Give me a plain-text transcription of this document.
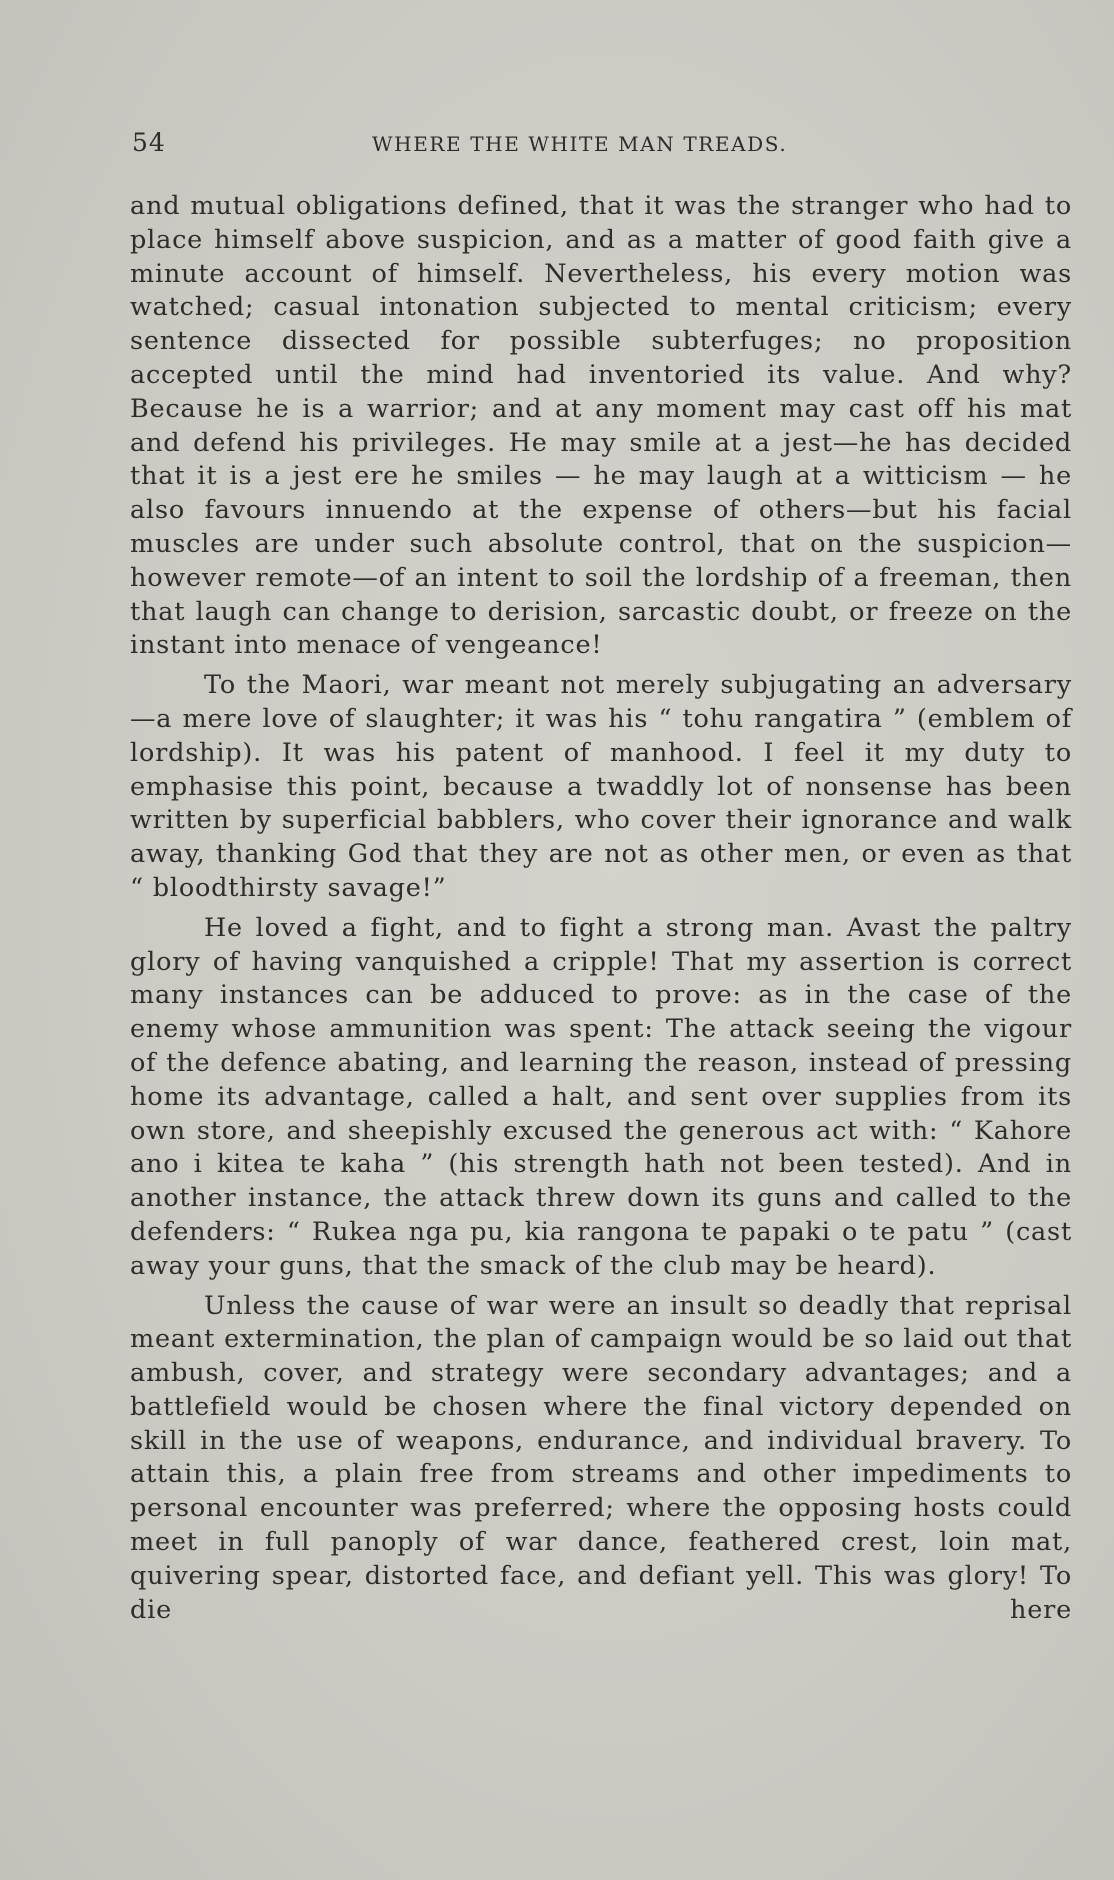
54	WHERE THE WHITE MAN TREADS.

and mutual obligations defined, that it was the stranger who had to place himself above suspicion, and as a matter of good faith give a minute account of himself. Nevertheless, his every motion was watched; casual intonation subjected to mental criticism; every sentence dissected for possible subterfuges; no proposition accepted until the mind had inventoried its value. And why? Because he is a warrior; and at any moment may cast off his mat and defend his privileges. He may smile at a jest—he has decided that it is a jest ere he smiles — he may laugh at a witticism — he also favours innuendo at the expense of others—but his facial muscles are under such absolute control, that on the suspicion—however remote—of an intent to soil the lordship of a freeman, then that laugh can change to derision, sarcastic doubt, or freeze on the instant into menace of vengeance!

To the Maori, war meant not merely subjugating an adversary—a mere love of slaughter; it was his “ tohu rangatira ” (emblem of lordship). It was his patent of manhood. I feel it my duty to emphasise this point, because a twaddly lot of nonsense has been written by superficial babblers, who cover their ignorance and walk away, thanking God that they are not as other men, or even as that “ bloodthirsty savage!”

He loved a fight, and to fight a strong man. Avast the paltry glory of having vanquished a cripple! That my assertion is correct many instances can be adduced to prove: as in the case of the enemy whose ammunition was spent: The attack seeing the vigour of the defence abating, and learning the reason, instead of pressing home its advantage, called a halt, and sent over supplies from its own store, and sheepishly excused the generous act with: “ Kahore ano i kitea te kaha ” (his strength hath not been tested). And in another instance, the attack threw down its guns and called to the defenders: “ Rukea nga pu, kia rangona te papaki o te patu ” (cast away your guns, that the smack of the club may be heard).

Unless the cause of war were an insult so deadly that reprisal meant extermination, the plan of campaign would be so laid out that ambush, cover, and strategy were secondary advantages; and a battlefield would be chosen where the final victory depended on skill in the use of weapons, endurance, and individual bravery. To attain this, a plain free from streams and other impediments to personal encounter was preferred; where the opposing hosts could meet in full panoply of war dance, feathered crest, loin mat, quivering spear, distorted face, and defiant yell. This was glory! To die here
